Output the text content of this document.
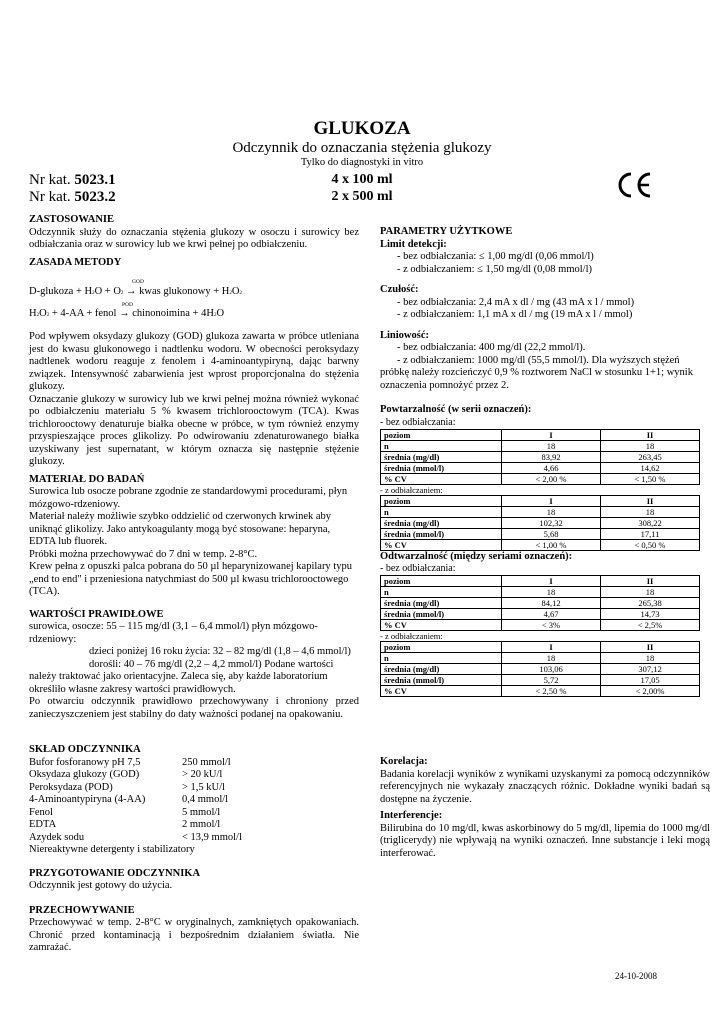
GLUKOZA
Odczynnik do oznaczania stężenia glukozy
Tylko do diagnostyki in vitro
Nr kat. 5023.1
Nr kat. 5023.2
4 x 100 ml
2 x 500 ml
ZASTOSOWANIE

Odczynnik służy do oznaczania stężenia glukozy w osoczu i surowicy bez odbiałczania oraz w surowicy lub we krwi pełnej po odbiałczeniu.

ZASADA METODY
GOD
D-glukoza + H2O + O2 → kwas glukonowy + H2O2
POD
H2O2 + 4-AA + fenol → chinonoimina + 4H2O

Pod wpływem oksydazy glukozy (GOD) glukoza zawarta w próbce utleniana jest do kwasu glukonowego i nadtlenku wodoru. W obecności peroksydazy nadtlenek wodoru reaguje z fenolem i 4-aminoantypiryną, dając barwny związek. Intensywność zabarwienia jest wprost proporcjonalna do stężenia glukozy.

Oznaczanie glukozy w surowicy lub we krwi pełnej można również wykonać po odbiałczeniu materiału 5 % kwasem trichlorooctowym (TCA). Kwas trichlorooctowy denaturuje białka obecne w próbce, w tym również enzymy przyspieszające proces glikolizy. Po odwirowaniu zdenaturowanego białka uzyskiwany jest supernatant, w którym oznacza się następnie stężenie glukozy.

MATERIAŁ DO BADAŃ

Surowica lub osocze pobrane zgodnie ze standardowymi procedurami, płyn mózgowo-rdzeniowy.

Materiał należy możliwie szybko oddzielić od czerwonych krwinek aby uniknąć glikolizy. Jako antykoagulanty mogą być stosowane: heparyna, EDTA lub fluorek.

Próbki można przechowywać do 7 dni w temp. 2-8°C.

Krew pełna z opuszki palca pobrana do 50 µl heparynizowanej kapilary typu „end to end" i przeniesiona natychmiast do 500 µl kwasu trichlorooctowego (TCA).

WARTOŚCI PRAWIDŁOWE

surowica, osocze: 55 – 115 mg/dl (3,1 – 6,4 mmol/l) płyn mózgowo-rdzeniowy:

dzieci poniżej 16 roku życia: 32 – 82 mg/dl (1,8 – 4,6 mmol/l)

dorośli: 40 – 76 mg/dl (2,2 – 4,2 mmol/l) Podane wartości

należy traktować jako orientacyjne. Zaleca się, aby każde laboratorium określiło własne zakresy wartości prawidłowych.

Po otwarciu odczynnik prawidłowo przechowywany i chroniony przed zanieczyszczeniem jest stabilny do daty ważności podanej na opakowaniu.

SKŁAD ODCZYNNIKA
Bufor fosforanowy pH 7,5	250 mmol/l
Oksydaza glukozy (GOD)	> 20 kU/l
Peroksydaza (POD)	> 1,5 kU/l
4-Aminoantypiryna (4-AA)	0,4 mmol/l
Fenol	5 mmol/l
EDTA	2 mmol/l
Azydek sodu	< 13,9 mmol/l

Niereaktywne detergenty i stabilizatory

PRZYGOTOWANIE ODCZYNNIKA

Odczynnik jest gotowy do użycia.

PRZECHOWYWANIE

Przechowywać w temp. 2-8°C w oryginalnych, zamkniętych opakowaniach. Chronić przed kontaminacją i bezpośrednim działaniem światła. Nie zamrażać.

PARAMETRY UŻYTKOWE
Limit detekcji:

- bez odbiałczania: ≤ 1,00 mg/dl (0,06 mmol/l)

- z odbiałczaniem: ≤ 1,50 mg/dl (0,08 mmol/l)

Czułość:

- bez odbiałczania: 2,4 mA x dl / mg (43 mA x l / mmol)

- z odbiałczaniem: 1,1 mA x dl / mg (19 mA x l / mmol)

Liniowość:

- bez odbiałczania: 400 mg/dl (22,2 mmol/l).

- z odbiałczaniem: 1000 mg/dl (55,5 mmol/l). Dla wyższych stężeń

próbkę należy rozcieńczyć 0,9 % roztworem NaCl w stosunku 1+1; wynik oznaczenia pomnożyć przez 2.

Powtarzalność (w serii oznaczeń):
- bez odbiałczania:
poziom	I	II
n	18	18
średnia (mg/dl)	83,92	263,45
średnia (mmol/l)	4,66	14,62
% CV	< 2,00 %	< 1,50 %
- z odbiałczaniem:
poziom	I	II
n	18	18
średnia (mg/dl)	102,32	308,22
średnia (mmol/l)	5,68	17,11
% CV	< 1,00 %	< 0,50 %
Odtwarzalność (między seriami oznaczeń):
- bez odbiałczania:
poziom	I	II
n	18	18
średnia (mg/dl)	84,12	265,38
średnia (mmol/l)	4,67	14,73
% CV	< 3%	< 2,5%
- z odbiałczaniem:
poziom	I	II
n	18	18
średnia (mg/dl)	103,06	307,12
średnia (mmol/l)	5,72	17,05
% CV	< 2,50 %	< 2,00%
Korelacja:

Badania korelacji wyników z wynikami uzyskanymi za pomocą odczynników referencyjnych nie wykazały znaczących różnic. Dokładne wyniki badań są dostępne na życzenie.

Interferencje:

Bilirubina do 10 mg/dl, kwas askorbinowy do 5 mg/dl, lipemia do 1000 mg/dl (triglicerydy) nie wpływają na wyniki oznaczeń. Inne substancje i leki mogą interferować.

24-10-2008
